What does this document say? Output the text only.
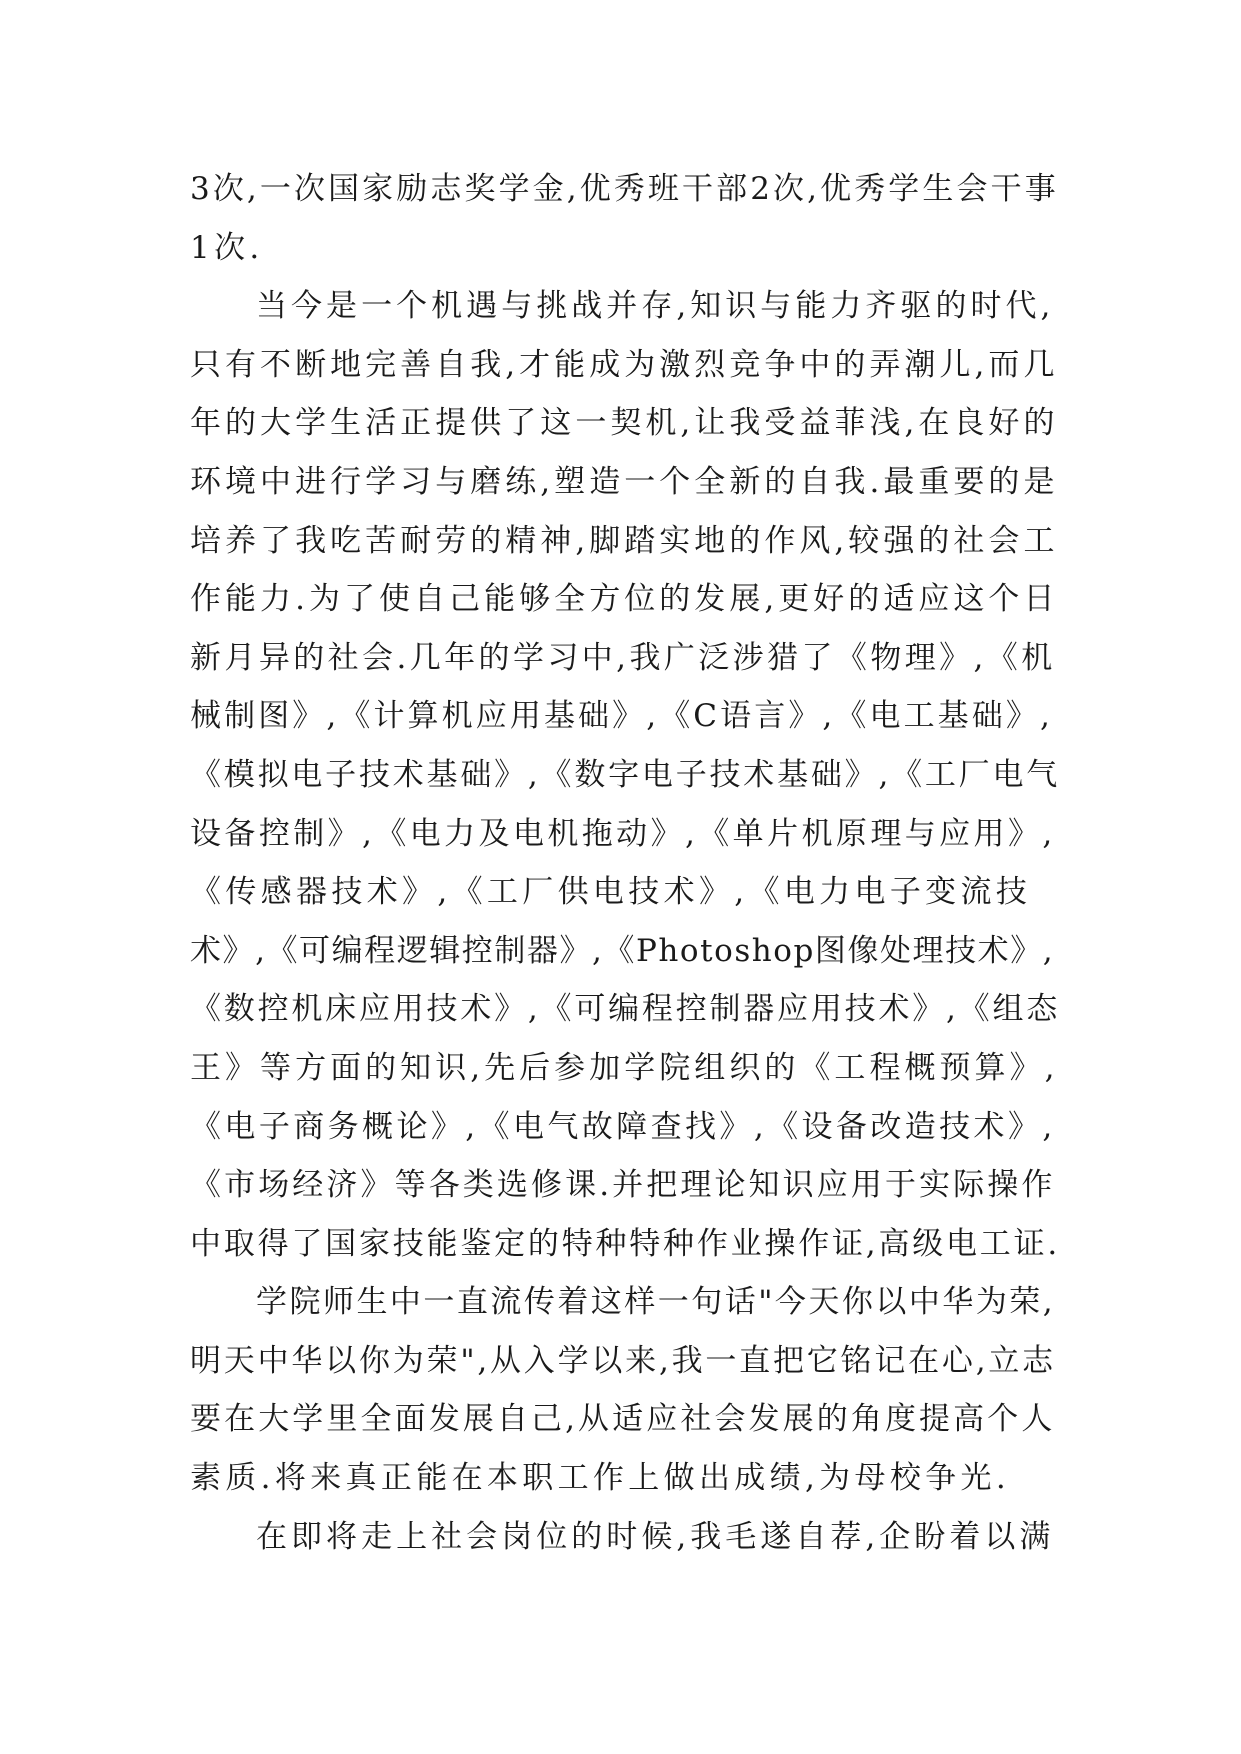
3次,一次国家励志奖学金,优秀班干部2次,优秀学生会干事
1次.
当今是一个机遇与挑战并存,知识与能力齐驱的时代,
只有不断地完善自我,才能成为激烈竞争中的弄潮儿,而几
年的大学生活正提供了这一契机,让我受益菲浅,在良好的
环境中进行学习与磨练,塑造一个全新的自我.最重要的是
培养了我吃苦耐劳的精神,脚踏实地的作风,较强的社会工
作能力.为了使自己能够全方位的发展,更好的适应这个日
新月异的社会.几年的学习中,我广泛涉猎了《物理》,《机
械制图》,《计算机应用基础》,《C语言》,《电工基础》,
《模拟电子技术基础》,《数字电子技术基础》,《工厂电气
设备控制》,《电力及电机拖动》,《单片机原理与应用》,
《传感器技术》,《工厂供电技术》,《电力电子变流技
术》,《可编程逻辑控制器》,《Photoshop图像处理技术》,
《数控机床应用技术》,《可编程控制器应用技术》,《组态
王》等方面的知识,先后参加学院组织的《工程概预算》,
《电子商务概论》,《电气故障查找》,《设备改造技术》,
《市场经济》等各类选修课.并把理论知识应用于实际操作
中取得了国家技能鉴定的特种特种作业操作证,高级电工证.
学院师生中一直流传着这样一句话"今天你以中华为荣,
明天中华以你为荣",从入学以来,我一直把它铭记在心,立志
要在大学里全面发展自己,从适应社会发展的角度提高个人
素质.将来真正能在本职工作上做出成绩,为母校争光.
在即将走上社会岗位的时候,我毛遂自荐,企盼着以满
